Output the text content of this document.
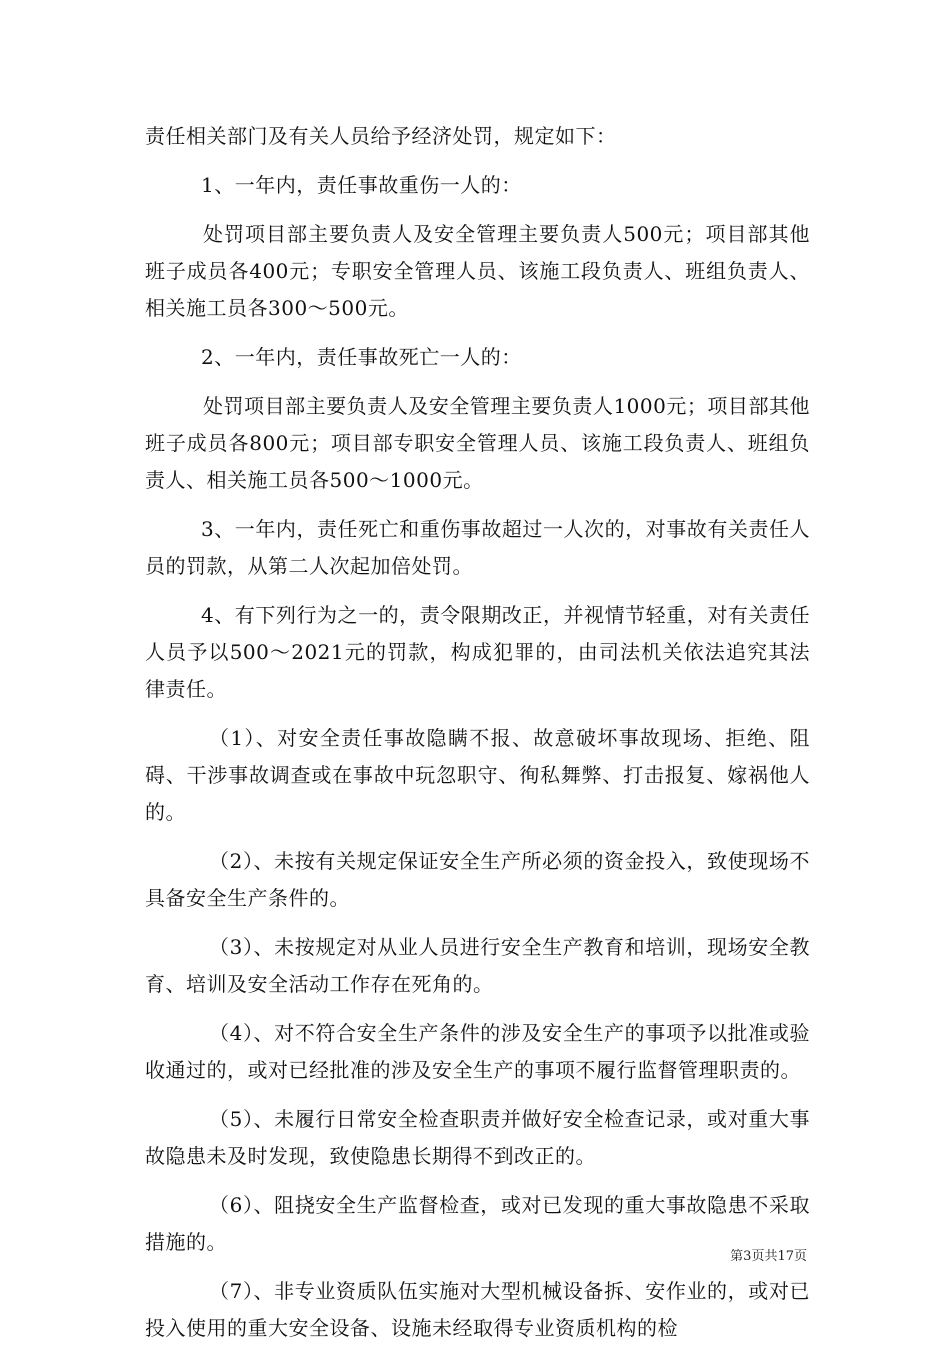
责任相关部门及有关人员给予经济处罚，规定如下：

1、一年内，责任事故重伤一人的：

处罚项目部主要负责人及安全管理主要负责人500元；项目部其他班子成员各400元；专职安全管理人员、该施工段负责人、班组负责人、相关施工员各300～500元。

2、一年内，责任事故死亡一人的：

处罚项目部主要负责人及安全管理主要负责人1000元；项目部其他班子成员各800元；项目部专职安全管理人员、该施工段负责人、班组负责人、相关施工员各500～1000元。

3、一年内，责任死亡和重伤事故超过一人次的，对事故有关责任人员的罚款，从第二人次起加倍处罚。

4、有下列行为之一的，责令限期改正，并视情节轻重，对有关责任人员予以500～2021元的罚款，构成犯罪的，由司法机关依法追究其法律责任。

（1）、对安全责任事故隐瞒不报、故意破坏事故现场、拒绝、阻碍、干涉事故调查或在事故中玩忽职守、徇私舞弊、打击报复、嫁祸他人的。

（2）、未按有关规定保证安全生产所必须的资金投入，致使现场不具备安全生产条件的。

（3）、未按规定对从业人员进行安全生产教育和培训，现场安全教育、培训及安全活动工作存在死角的。

（4）、对不符合安全生产条件的涉及安全生产的事项予以批准或验收通过的，或对已经批准的涉及安全生产的事项不履行监督管理职责的。

（5）、未履行日常安全检查职责并做好安全检查记录，或对重大事故隐患未及时发现，致使隐患长期得不到改正的。

（6）、阻挠安全生产监督检查，或对已发现的重大事故隐患不采取措施的。

（7）、非专业资质队伍实施对大型机械设备拆、安作业的，或对已投入使用的重大安全设备、设施未经取得专业资质机构的检

第3页共17页
